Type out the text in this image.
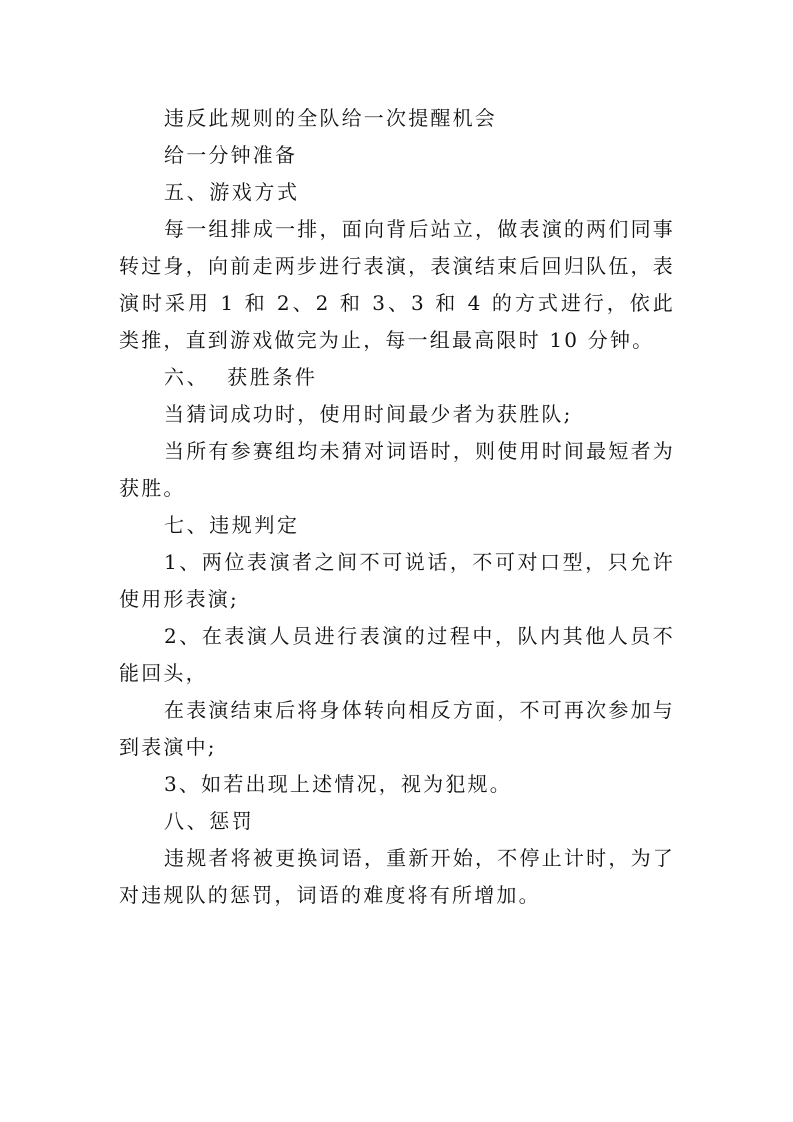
违反此规则的全队给一次提醒机会

给一分钟准备

五、游戏方式

每一组排成一排，面向背后站立，做表演的两们同事转过身，向前走两步进行表演，表演结束后回归队伍，表演时采用 1 和 2、2 和 3、3 和 4 的方式进行，依此类推，直到游戏做完为止，每一组最高限时 10 分钟。

六、  获胜条件

当猜词成功时，使用时间最少者为获胜队;

当所有参赛组均未猜对词语时，则使用时间最短者为获胜。

七、违规判定

1、两位表演者之间不可说话，不可对口型，只允许使用形表演;

2、在表演人员进行表演的过程中，队内其他人员不能回头，

在表演结束后将身体转向相反方面，不可再次参加与到表演中;

3、如若出现上述情况，视为犯规。

八、惩罚

违规者将被更换词语，重新开始，不停止计时，为了对违规队的惩罚，词语的难度将有所增加。
